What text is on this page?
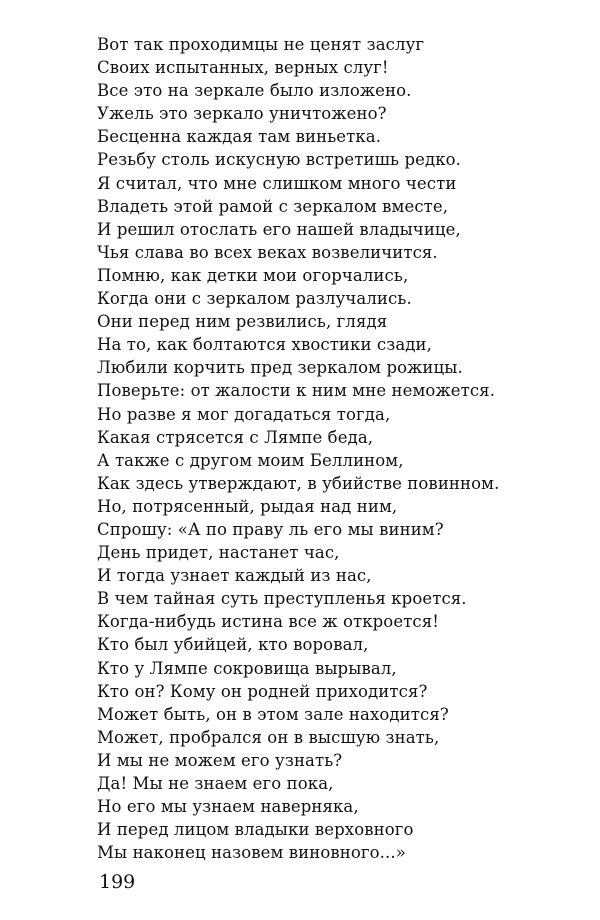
Вот так проходимцы не ценят заслуг
Своих испытанных, верных слуг!
Все это на зеркале было изложено.
Ужель это зеркало уничтожено?
Бесценна каждая там виньетка.
Резьбу столь искусную встретишь редко.
Я считал, что мне слишком много чести
Владеть этой рамой с зеркалом вместе,
И решил отослать его нашей владычице,
Чья слава во всех веках возвеличится.
Помню, как детки мои огорчались,
Когда они с зеркалом разлучались.
Они перед ним резвились, глядя
На то, как болтаются хвостики сзади,
Любили корчить пред зеркалом рожицы.
Поверьте: от жалости к ним мне неможется.
Но разве я мог догадаться тогда,
Какая стрясется с Лямпе беда,
А также с другом моим Беллином,
Как здесь утверждают, в убийстве повинном.
Но, потрясенный, рыдая над ним,
Спрошу: «А по праву ль его мы виним?
День придет, настанет час,
И тогда узнает каждый из нас,
В чем тайная суть преступленья кроется.
Когда-нибудь истина все ж откроется!
Кто был убийцей, кто воровал,
Кто у Лямпе сокровища вырывал,
Кто он? Кому он родней приходится?
Может быть, он в этом зале находится?
Может, пробрался он в высшую знать,
И мы не можем его узнать?
Да! Мы не знаем его пока,
Но его мы узнаем наверняка,
И перед лицом владыки верховного
Мы наконец назовем виновного...»
199
